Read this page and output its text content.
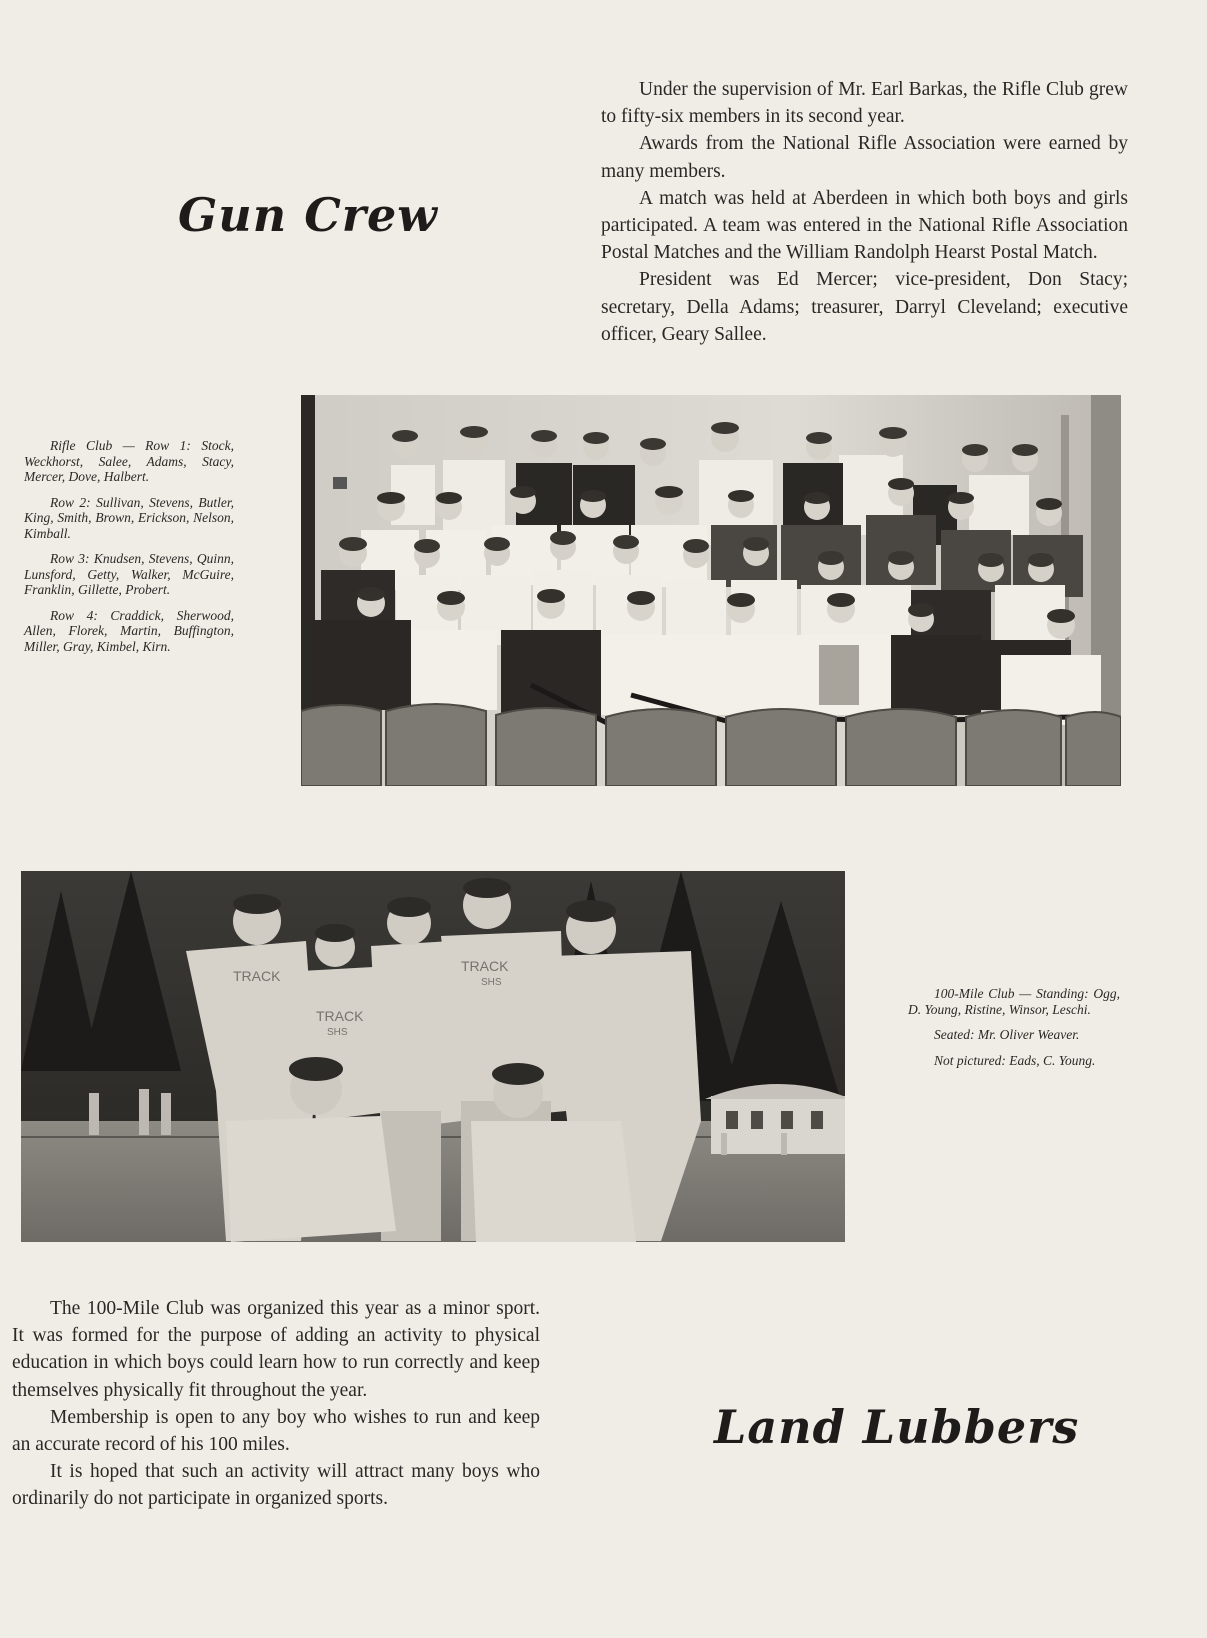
Gun Crew

Under the supervision of Mr. Earl Barkas, the Rifle Club grew to fifty-six members in its second year.

Awards from the National Rifle Association were earned by many members.

A match was held at Aberdeen in which both boys and girls participated. A team was entered in the National Rifle Association Postal Matches and the William Randolph Hearst Postal Match.

President was Ed Mercer; vice-president, Don Stacy; secretary, Della Adams; treasurer, Darryl Cleveland; executive officer, Geary Sallee.

Rifle Club — Row 1: Stock, Weckhorst, Salee, Adams, Stacy, Mercer, Dove, Halbert.

Row 2: Sullivan, Stevens, Butler, King, Smith, Brown, Erickson, Nelson, Kimball.

Row 3: Knudsen, Stevens, Quinn, Lunsford, Getty, Walker, McGuire, Franklin, Gillette, Probert.

Row 4: Craddick, Sherwood, Allen, Florek, Martin, Buffington, Miller, Gray, Kimbel, Kirn.

TRACK
TRACK
SHS
TRACK
SHS

100-Mile Club — Standing: Ogg, D. Young, Ristine, Winsor, Leschi.

Seated: Mr. Oliver Weaver.

Not pictured: Eads, C. Young.

The 100-Mile Club was organized this year as a minor sport. It was formed for the purpose of adding an activity to physical education in which boys could learn how to run correctly and keep themselves physically fit throughout the year.

Membership is open to any boy who wishes to run and keep an accurate record of his 100 miles.

It is hoped that such an activity will attract many boys who ordinarily do not participate in organized sports.

Land Lubbers
